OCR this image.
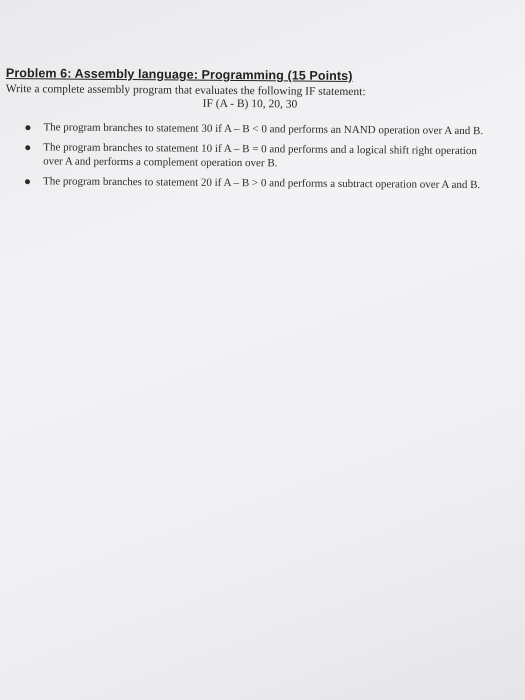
Problem 6: Assembly language: Programming (15 Points)

Write a complete assembly program that evaluates the following IF statement:

IF (A - B) 10, 20, 30

The program branches to statement 30 if A – B < 0 and performs an NAND operation over A and B.
The program branches to statement 10 if A – B = 0 and performs and a logical shift right operation over A and performs a complement operation over B.
The program branches to statement 20 if A – B > 0 and performs a subtract operation over A and B.
